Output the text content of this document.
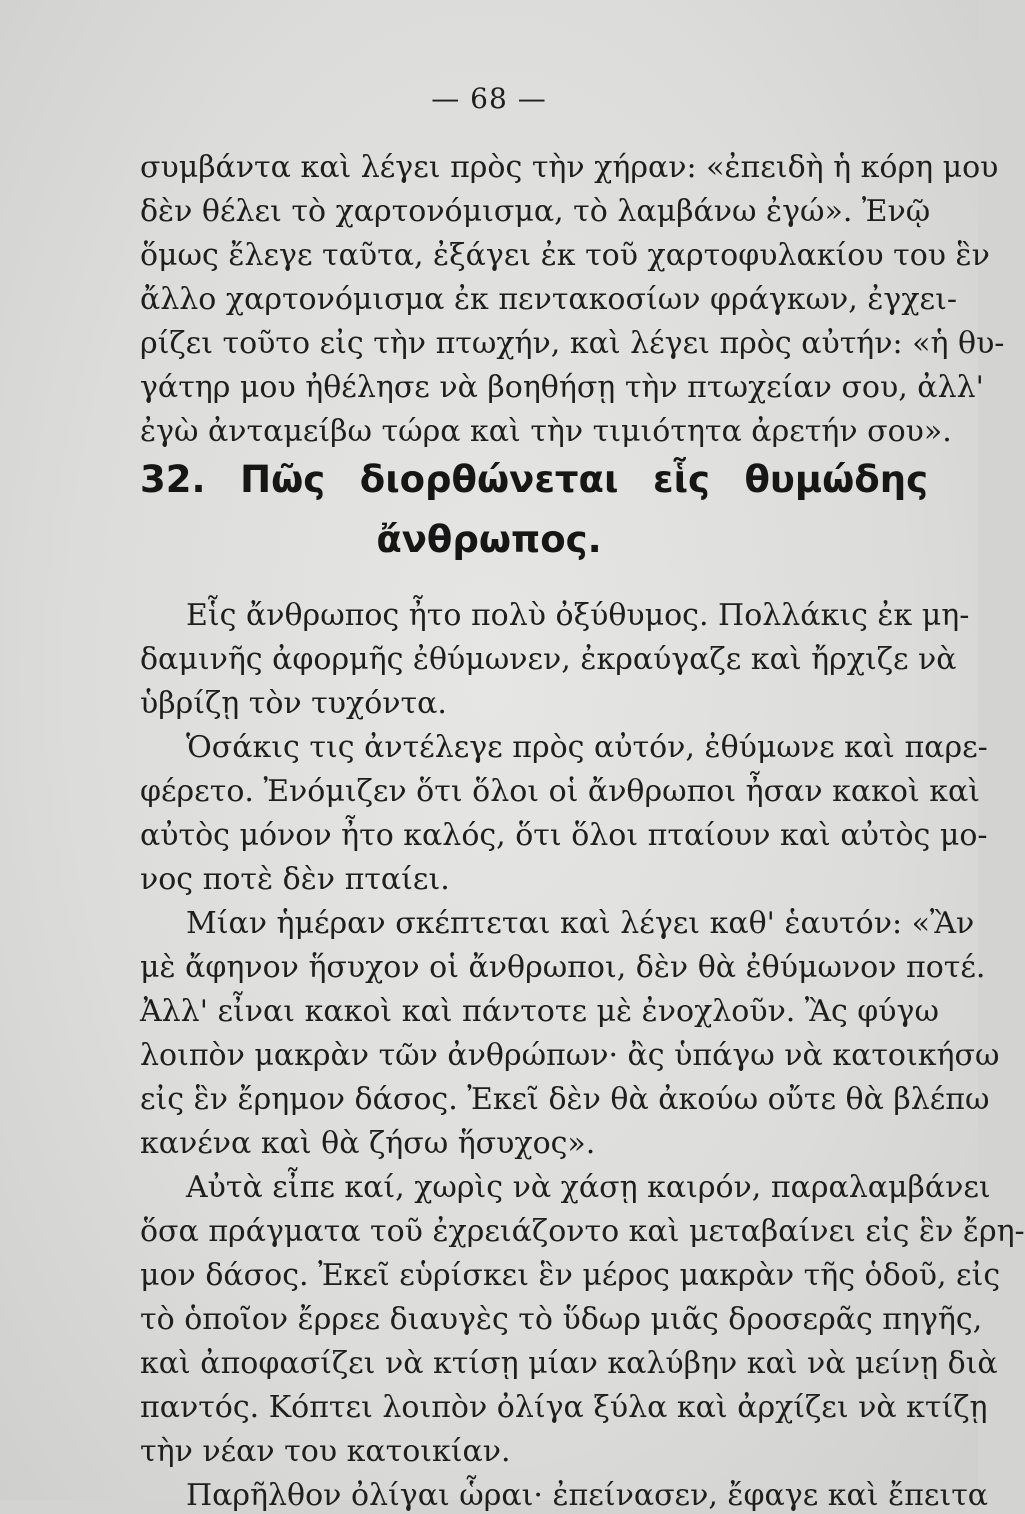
— 68 —
συμβάντα καὶ λέγει πρὸς τὴν χήραν: «ἐπειδὴ ἡ κόρη μου
δὲν θέλει τὸ χαρτονόμισμα, τὸ λαμβάνω ἐγώ». Ἐνῷ
ὅμως ἔλεγε ταῦτα, ἐξάγει ἐκ τοῦ χαρτοφυλακίου του ἓν
ἄλλο χαρτονόμισμα ἐκ πεντακοσίων φράγκων, ἐγχει-
ρίζει τοῦτο εἰς τὴν πτωχήν, καὶ λέγει πρὸς αὐτήν: «ἡ θυ-
γάτηρ μου ἠθέλησε νὰ βοηθήσῃ τὴν πτωχείαν σου, ἀλλ'
ἐγὼ ἀνταμείβω τώρα καὶ τὴν τιμιότητα ἀρετήν σου».
32. Πῶς διορθώνεται εἷς θυμώδης
ἄνθρωπος.
Εἷς ἄνθρωπος ἦτο πολὺ ὀξύθυμος. Πολλάκις ἐκ μη-
δαμινῆς ἀφορμῆς ἐθύμωνεν, ἐκραύγαζε καὶ ἤρχιζε νὰ
ὑβρίζῃ τὸν τυχόντα.
Ὁσάκις τις ἀντέλεγε πρὸς αὐτόν, ἐθύμωνε καὶ παρε-
φέρετο. Ἐνόμιζεν ὅτι ὅλοι οἱ ἄνθρωποι ἦσαν κακοὶ καὶ
αὐτὸς μόνον ἦτο καλός, ὅτι ὅλοι πταίουν καὶ αὐτὸς μο-
νος ποτὲ δὲν πταίει.
Μίαν ἡμέραν σκέπτεται καὶ λέγει καθ' ἑαυτόν: «Ἂν
μὲ ἄφηνον ἥσυχον οἱ ἄνθρωποι, δὲν θὰ ἐθύμωνον ποτέ.
Ἀλλ' εἶναι κακοὶ καὶ πάντοτε μὲ ἐνοχλοῦν. Ἂς φύγω
λοιπὸν μακρὰν τῶν ἀνθρώπων· ἂς ὑπάγω νὰ κατοικήσω
εἰς ἓν ἔρημον δάσος. Ἐκεῖ δὲν θὰ ἀκούω οὔτε θὰ βλέπω
κανένα καὶ θὰ ζήσω ἥσυχος».
Αὐτὰ εἶπε καί, χωρὶς νὰ χάσῃ καιρόν, παραλαμβάνει
ὅσα πράγματα τοῦ ἐχρειάζοντο καὶ μεταβαίνει εἰς ἓν ἔρη-
μον δάσος. Ἐκεῖ εὑρίσκει ἓν μέρος μακρὰν τῆς ὁδοῦ, εἰς
τὸ ὁποῖον ἔρρεε διαυγὲς τὸ ὕδωρ μιᾶς δροσερᾶς πηγῆς,
καὶ ἀποφασίζει νὰ κτίσῃ μίαν καλύβην καὶ νὰ μείνῃ διὰ
παντός. Κόπτει λοιπὸν ὀλίγα ξύλα καὶ ἀρχίζει νὰ κτίζῃ
τὴν νέαν του κατοικίαν.
Παρῆλθον ὀλίγαι ὧραι· ἐπείνασεν, ἔφαγε καὶ ἔπειτα
